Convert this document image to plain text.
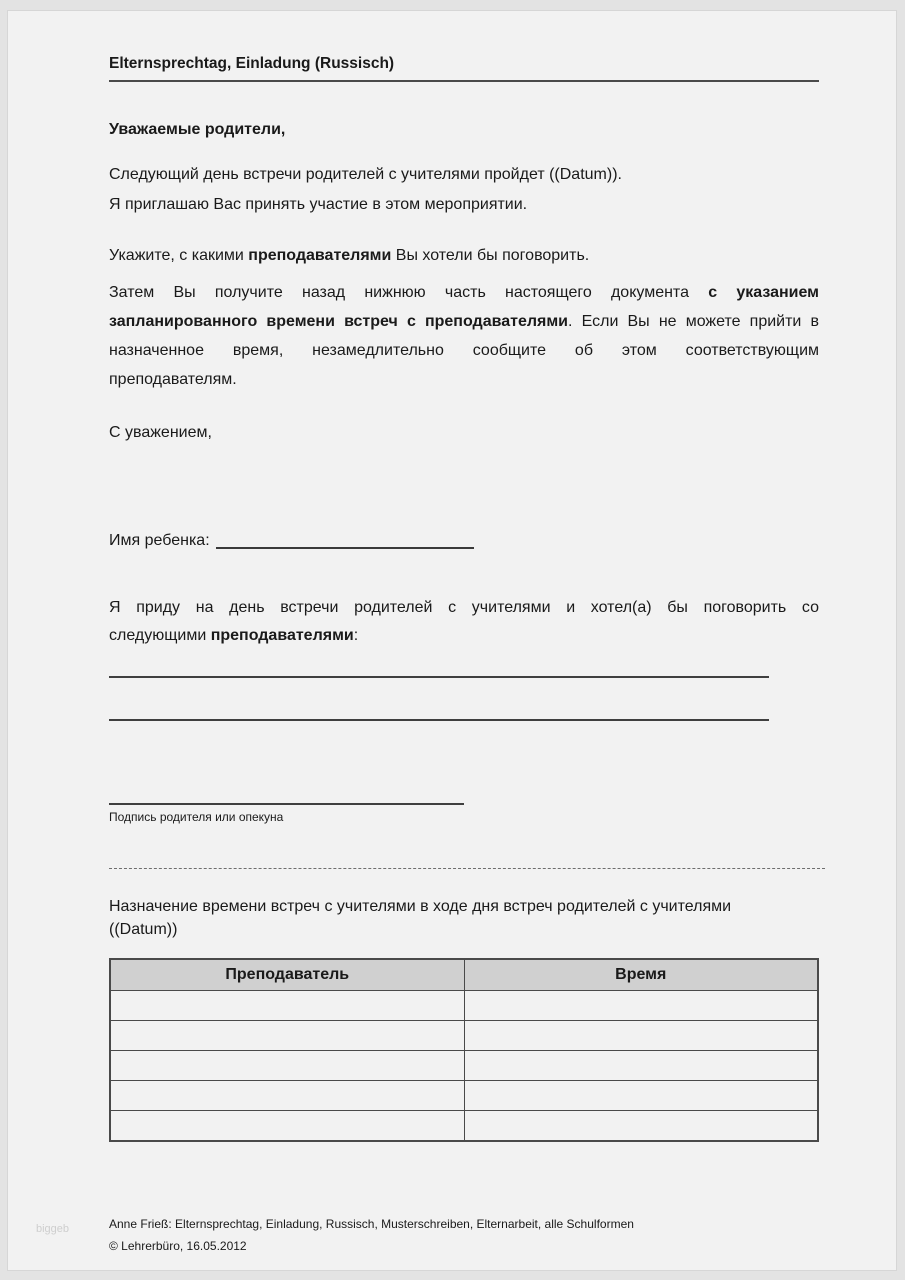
Elternsprechtag, Einladung (Russisch)
Уважаемые родители,
Следующий день встречи родителей с учителями пройдет ((Datum)).
Я приглашаю Вас принять участие в этом мероприятии.
Укажите, с какими преподавателями Вы хотели бы поговорить.
Затем Вы получите назад нижнюю часть настоящего документа с указанием
запланированного времени встреч с преподавателями. Если Вы не можете прийти в
назначенное время, незамедлительно сообщите об этом соответствующим
преподавателям.
С уважением,
Имя ребенка:
Я приду на день встречи родителей с учителями и хотел(а) бы поговорить со
следующими преподавателями:
Подпись родителя или опекуна
Назначение времени встреч с учителями в ходе дня встреч родителей с учителями
((Datum))
Преподаватель	Время

Anne Frieß: Elternsprechtag, Einladung, Russisch, Musterschreiben, Elternarbeit, alle Schulformen
© Lehrerbüro, 16.05.2012
biggeb
